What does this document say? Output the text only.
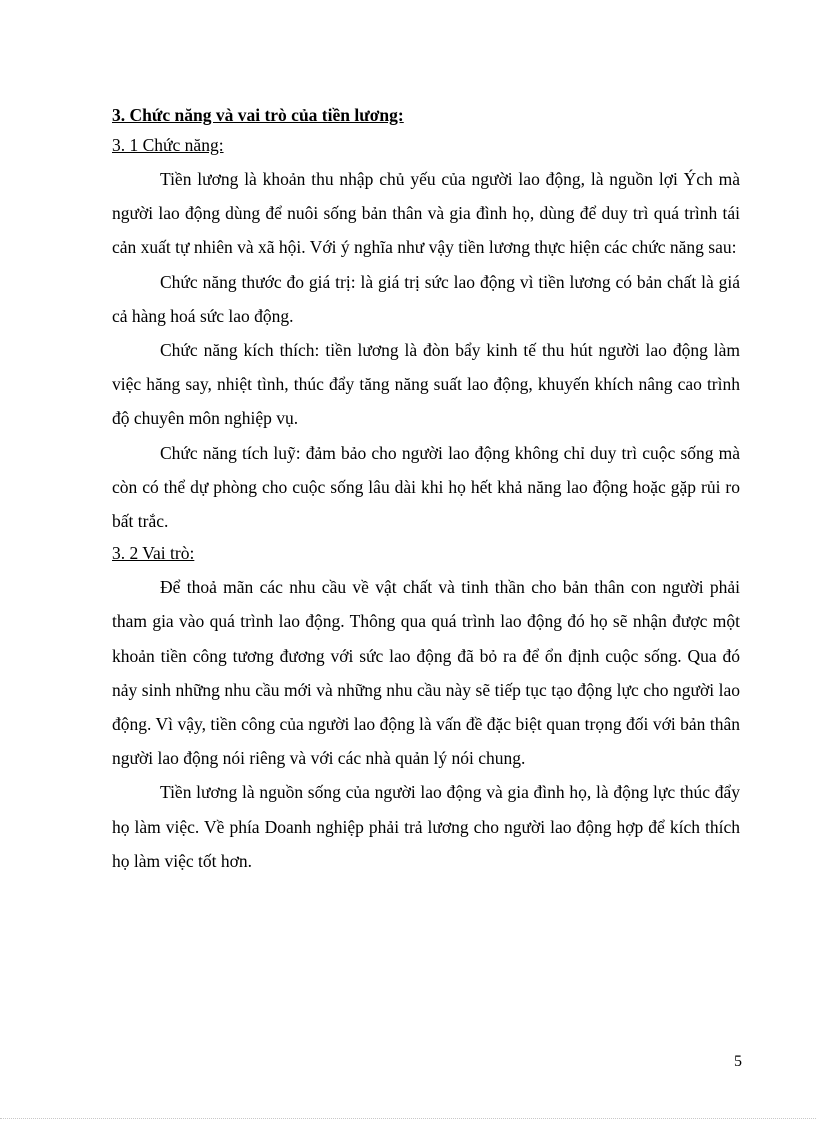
3. Chức năng và vai trò của tiền lương:

3. 1 Chức năng:

Tiền lương là khoản thu nhập chủ yếu của người lao động, là nguồn lợi Ých mà người lao động dùng để nuôi sống bản thân và gia đình họ, dùng để duy trì quá trình tái cản xuất tự nhiên và xã hội. Với ý nghĩa như vậy tiền lương thực hiện các chức năng sau:

Chức năng thước đo giá trị: là giá trị sức lao động vì tiền lương có bản chất là giá cả hàng hoá sức lao động.

Chức năng kích thích: tiền lương là đòn bẩy kinh tế thu hút người lao động làm việc hăng say, nhiệt tình, thúc đẩy tăng năng suất lao động, khuyến khích nâng cao trình độ chuyên môn nghiệp vụ.

Chức năng tích luỹ: đảm bảo cho người lao động không chỉ duy trì cuộc sống mà còn có thể dự phòng cho cuộc sống lâu dài khi họ hết khả năng lao động hoặc gặp rủi ro bất trắc.

3. 2 Vai trò:

Để thoả mãn các nhu cầu về vật chất và tinh thần cho bản thân con người phải tham gia vào quá trình lao động. Thông qua quá trình lao động đó họ sẽ nhận được một khoản tiền công tương đương với sức lao động đã bỏ ra để ổn định cuộc sống. Qua đó nảy sinh những nhu cầu mới và những nhu cầu này sẽ tiếp tục tạo động lực cho người lao động. Vì vậy, tiền công của người lao động là vấn đề đặc biệt quan trọng đối với bản thân người lao động nói riêng và với các nhà quản lý nói chung.

Tiền lương là nguồn sống của người lao động và gia đình họ, là động lực thúc đẩy họ làm việc. Về phía Doanh nghiệp phải trả lương cho người lao động hợp để kích thích họ làm việc tốt hơn.

5
